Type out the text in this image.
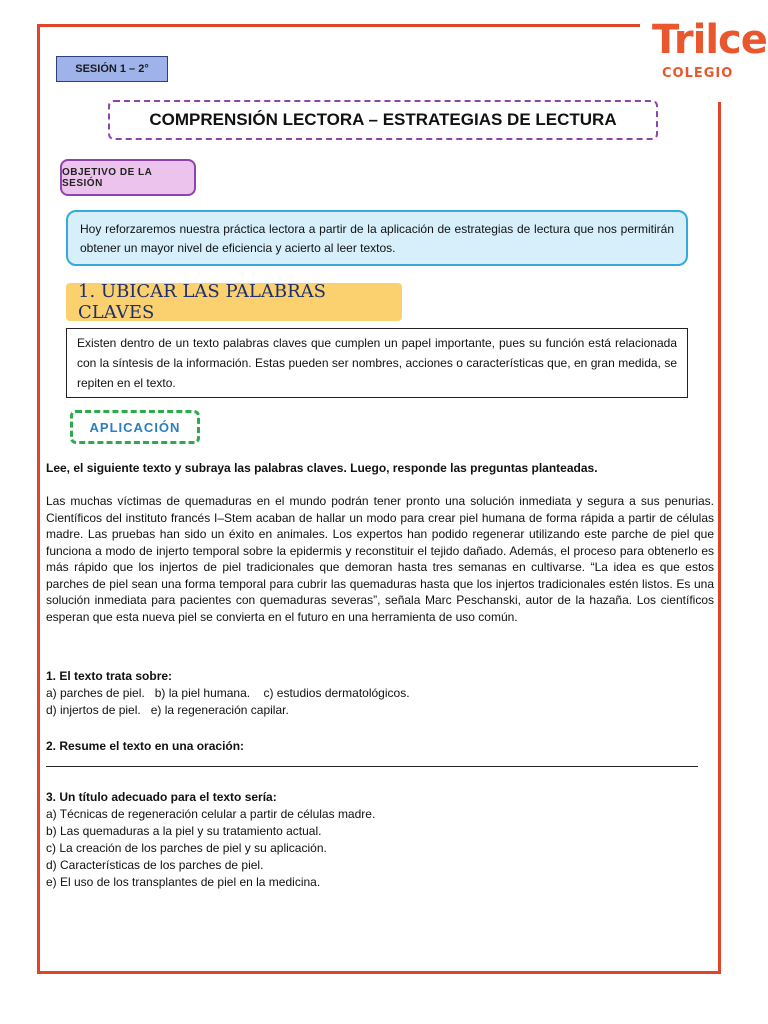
Trilce
COLEGIO
SESIÓN 1 – 2°
COMPRENSIÓN LECTORA – ESTRATEGIAS DE LECTURA
OBJETIVO DE LA SESIÓN
Hoy reforzaremos nuestra práctica lectora a partir de la aplicación de estrategias de lectura que nos permitirán obtener un mayor nivel de eficiencia y acierto al leer textos.
1. UBICAR LAS PALABRAS CLAVES
Existen dentro de un texto palabras claves que cumplen un papel importante, pues su función está relacionada con la síntesis de la información. Estas pueden ser nombres, acciones o características que, en gran medida, se repiten en el texto.
APLICACIÓN
Lee, el siguiente texto y subraya las palabras claves. Luego, responde las preguntas planteadas.
Las muchas víctimas de quemaduras en el mundo podrán tener pronto una solución inmediata y segura a sus penurias. Científicos del instituto francés I–Stem acaban de hallar un modo para crear piel humana de forma rápida a partir de células madre. Las pruebas han sido un éxito en animales. Los expertos han podido regenerar utilizando este parche de piel que funciona a modo de injerto temporal sobre la epidermis y reconstituir el tejido dañado. Además, el proceso para obtenerlo es más rápido que los injertos de piel tradicionales que demoran hasta tres semanas en cultivarse. “La idea es que estos parches de piel sean una forma temporal para cubrir las quemaduras hasta que los injertos tradicionales estén listos. Es una solución inmediata para pacientes con quemaduras severas”, señala Marc Peschanski, autor de la hazaña. Los científicos esperan que esta nueva piel se convierta en el futuro en una herramienta de uso común.
1. El texto trata sobre:
a) parches de piel.   b) la piel humana.    c) estudios dermatológicos.
d) injertos de piel.   e) la regeneración capilar.
2. Resume el texto en una oración:
3. Un título adecuado para el texto sería:
a) Técnicas de regeneración celular a partir de células madre.
b) Las quemaduras a la piel y su tratamiento actual.
c) La creación de los parches de piel y su aplicación.
d) Características de los parches de piel.
e) El uso de los transplantes de piel en la medicina.
